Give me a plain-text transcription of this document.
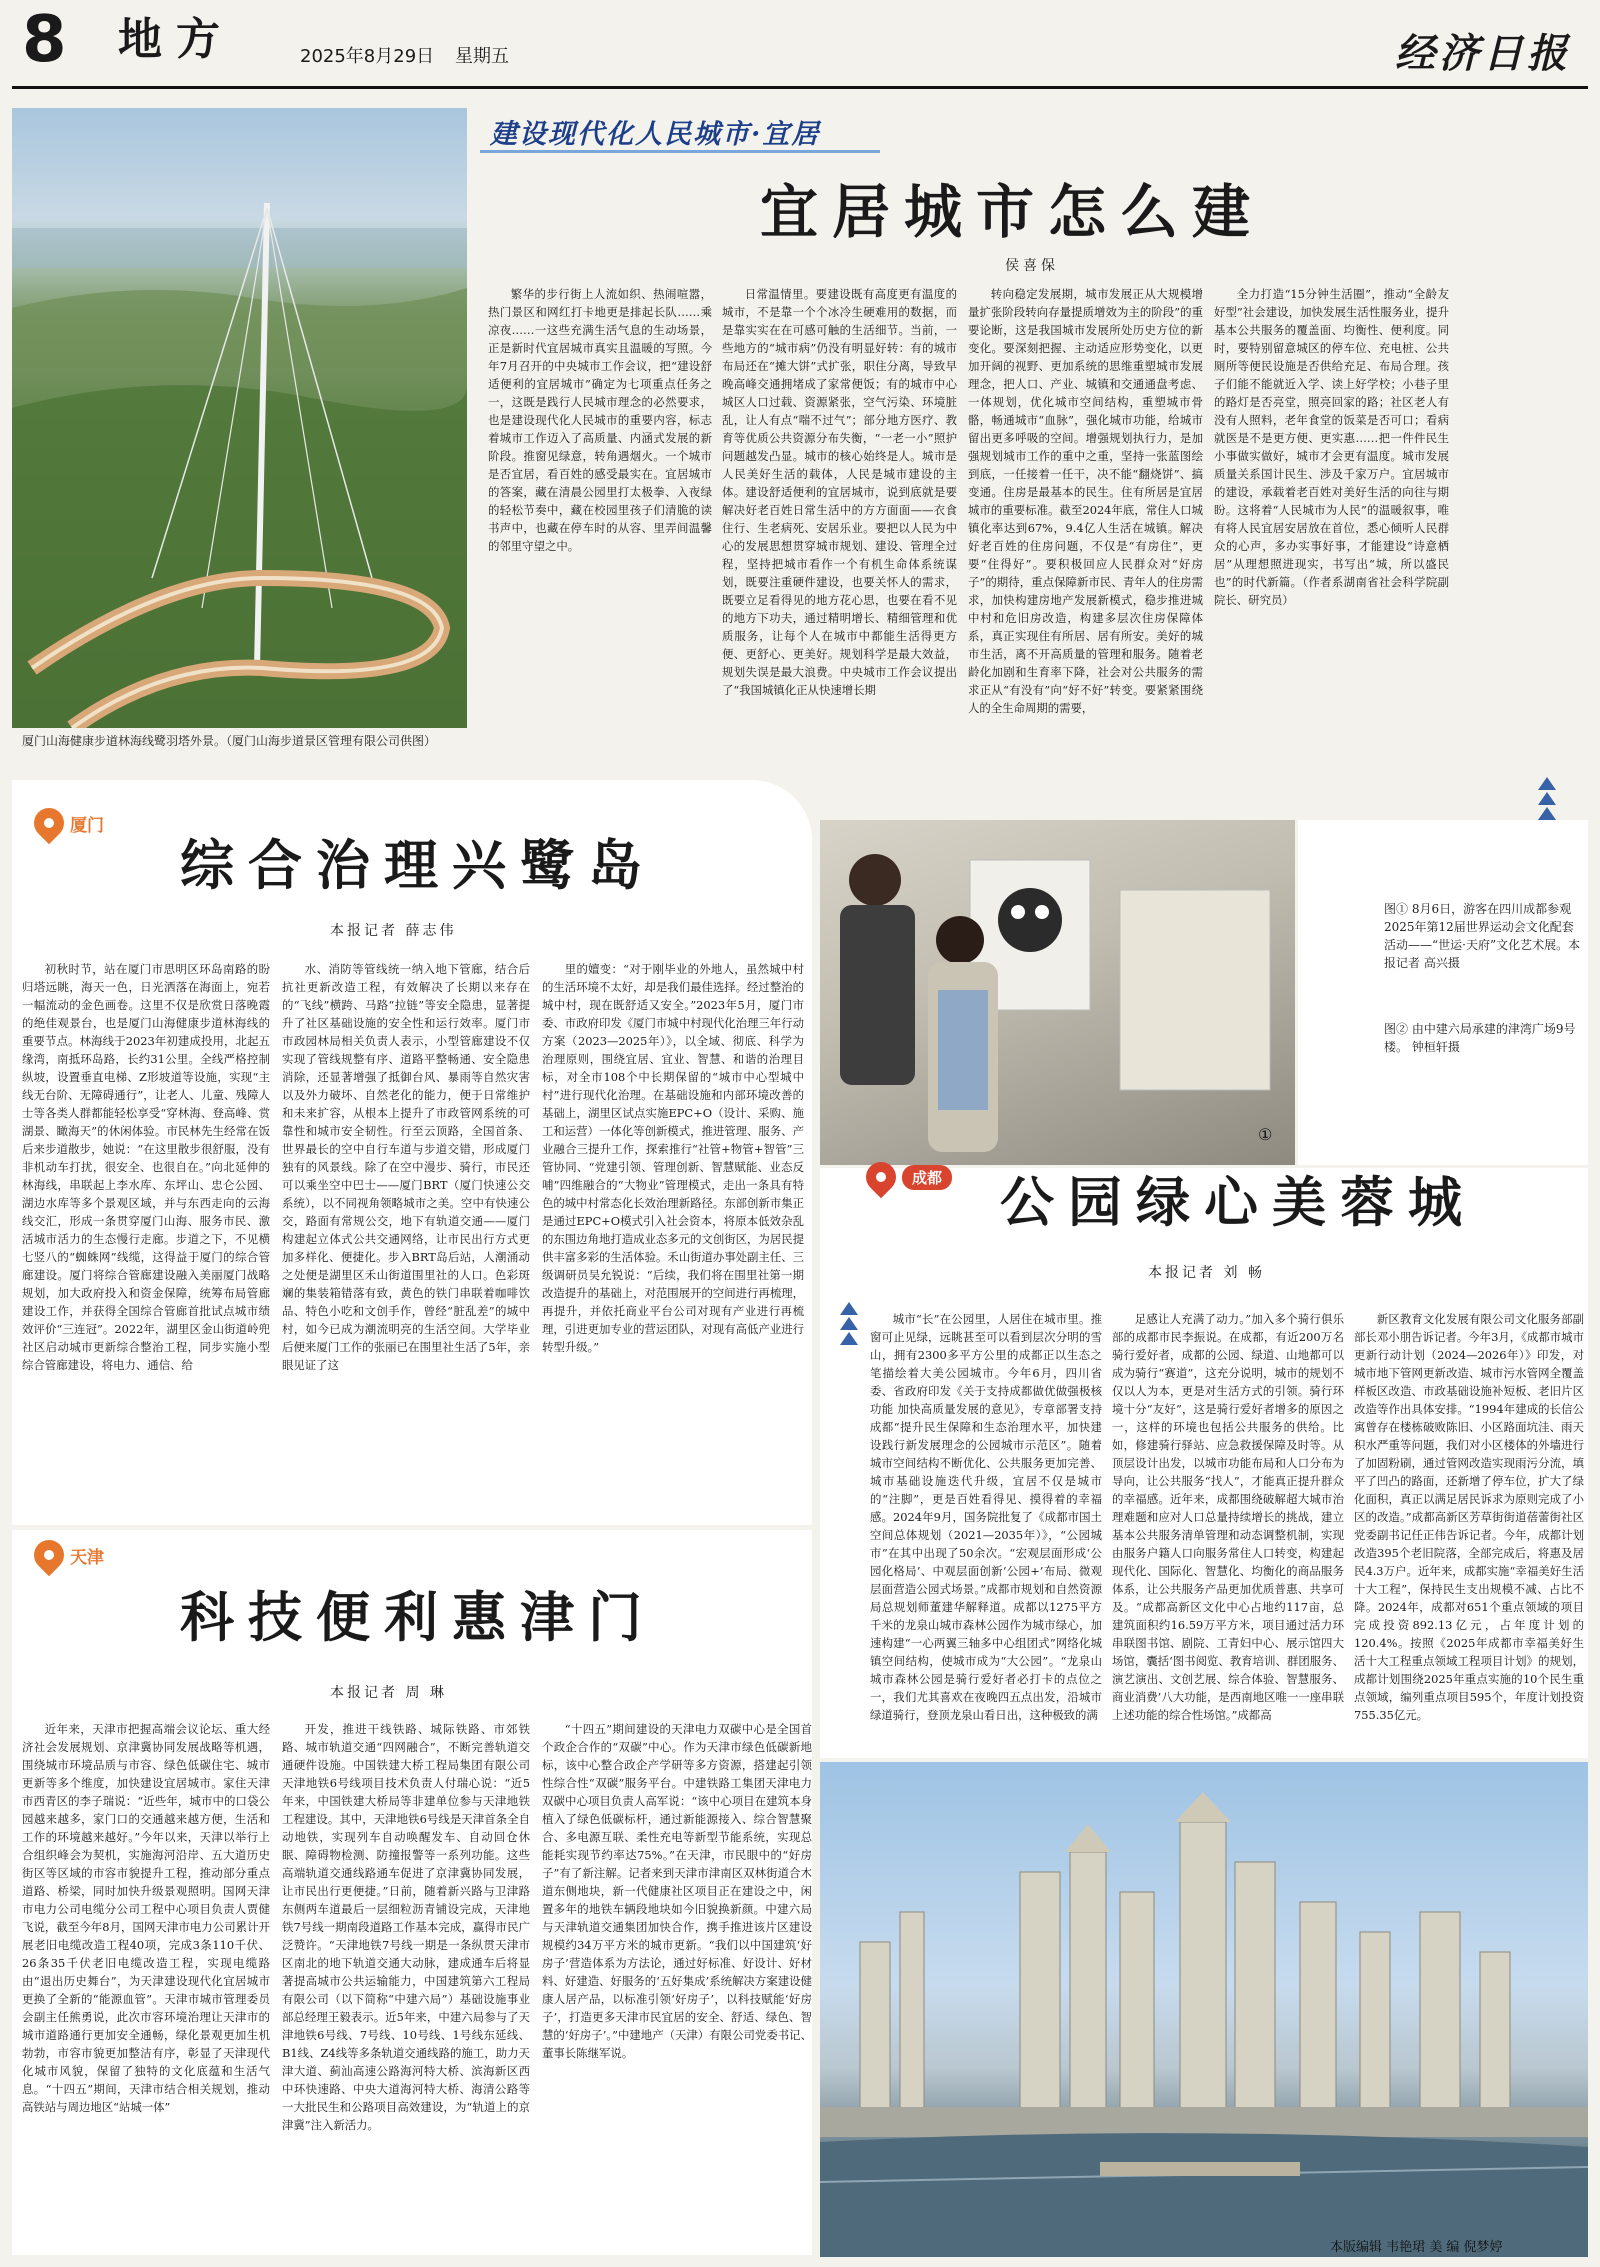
8 地方	2025年8月29日 星期五	经济日报
厦门山海健康步道林海线鹭羽塔外景。（厦门山海步道景区管理有限公司供图）
建设现代化人民城市·宜居
宜居城市怎么建
侯喜保

繁华的步行街上人流如织、热闹喧嚣，热门景区和网红打卡地更是排起长队……乘凉夜……一这些充满生活气息的生动场景，正是新时代宜居城市真实且温暖的写照。今年7月召开的中央城市工作会议，把“建设舒适便利的宜居城市”确定为七项重点任务之一，这既是践行人民城市理念的必然要求，也是建设现代化人民城市的重要内容，标志着城市工作迈入了高质量、内涵式发展的新阶段。推窗见绿意，转角遇烟火。一个城市是否宜居，看百姓的感受最实在。宜居城市的答案，藏在清晨公园里打太极拳、入夜绿的轻松节奏中，藏在校园里孩子们清脆的读书声中，也藏在停车时的从容、里弄间温馨的邻里守望之中。

日常温情里。要建设既有高度更有温度的城市，不是靠一个个冰冷生硬难用的数据，而是靠实实在在可感可触的生活细节。当前，一些地方的“城市病”仍没有明显好转：有的城市布局还在“摊大饼”式扩张，职住分离，导致早晚高峰交通拥堵成了家常便饭；有的城市中心城区人口过载、资源紧张，空气污染、环境脏乱，让人有点“喘不过气”；部分地方医疗、教育等优质公共资源分布失衡，“一老一小”照护问题越发凸显。城市的核心始终是人。城市是人民美好生活的载体，人民是城市建设的主体。建设舒适便利的宜居城市，说到底就是要解决好老百姓日常生活中的方方面面——衣食住行、生老病死、安居乐业。要把以人民为中心的发展思想贯穿城市规划、建设、管理全过程，坚持把城市看作一个有机生命体系统谋划，既要注重硬件建设，也要关怀人的需求，既要立足看得见的地方花心思，也要在看不见的地方下功夫，通过精明增长、精细管理和优质服务，让每个人在城市中都能生活得更方便、更舒心、更美好。规划科学是最大效益，规划失误是最大浪费。中央城市工作会议提出了“我国城镇化正从快速增长期

转向稳定发展期，城市发展正从大规模增量扩张阶段转向存量提质增效为主的阶段”的重要论断，这是我国城市发展所处历史方位的新变化。要深刻把握、主动适应形势变化，以更加开阔的视野、更加系统的思维重塑城市发展理念，把人口、产业、城镇和交通通盘考虑、一体规划，优化城市空间结构，重塑城市骨骼，畅通城市“血脉”，强化城市功能，给城市留出更多呼吸的空间。增强规划执行力，是加强规划城市工作的重中之重，坚持一张蓝图绘到底，一任接着一任干，决不能“翻烧饼”、搞变通。住房是最基本的民生。住有所居是宜居城市的重要标准。截至2024年底，常住人口城镇化率达到67%，9.4亿人生活在城镇。解决好老百姓的住房问题，不仅是“有房住”，更要“住得好”。要积极回应人民群众对“好房子”的期待，重点保障新市民、青年人的住房需求，加快构建房地产发展新模式，稳步推进城中村和危旧房改造，构建多层次住房保障体系，真正实现住有所居、居有所安。美好的城市生活，离不开高质量的管理和服务。随着老龄化加剧和生育率下降，社会对公共服务的需求正从“有没有”向“好不好”转变。要紧紧围绕人的全生命周期的需要，

全力打造“15分钟生活圈”，推动“全龄友好型”社会建设，加快发展生活性服务业，提升基本公共服务的覆盖面、均衡性、便利度。同时，要特别留意城区的停车位、充电桩、公共厕所等便民设施是否供给充足、布局合理。孩子们能不能就近入学、读上好学校；小巷子里的路灯是否亮堂，照亮回家的路；社区老人有没有人照料，老年食堂的饭菜是否可口；看病就医是不是更方便、更实惠……把一件件民生小事做实做好，城市才会更有温度。城市发展质量关系国计民生、涉及千家万户。宜居城市的建设，承载着老百姓对美好生活的向往与期盼。这将着“人民城市为人民”的温暖叙事，唯有将人民宜居安居放在首位，悉心倾听人民群众的心声，多办实事好事，才能建设“诗意栖居”从理想照进现实，书写出“城，所以盛民也”的时代新篇。（作者系湖南省社会科学院副院长、研究员）

①
图① 8月6日，游客在四川成都参观2025年第12届世界运动会文化配套活动——“世运·天府”文化艺术展。本报记者 高兴摄
图② 由中建六局承建的津湾广场9号楼。 钟桓轩摄
厦门
综合治理兴鹭岛
本报记者 薛志伟

初秋时节，站在厦门市思明区环岛南路的盼归塔远眺，海天一色，日光洒落在海面上，宛若一幅流动的金色画卷。这里不仅是欣赏日落晚霞的绝佳观景台，也是厦门山海健康步道林海线的重要节点。林海线于2023年初建成投用，北起五缘湾，南抵环岛路，长约31公里。全线严格控制纵坡，设置垂直电梯、Z形坡道等设施，实现“主线无台阶、无障碍通行”，让老人、儿童、残障人士等各类人群都能轻松享受“穿林海、登高峰、赏湖景、瞰海天”的休闲体验。市民林先生经常在饭后来步道散步，她说：“在这里散步很舒服，没有非机动车打扰，很安全、也很自在。”向北延伸的林海线，串联起上李水库、东坪山、忠仑公园、湖边水库等多个景观区域，并与东西走向的云海线交汇，形成一条贯穿厦门山海、服务市民、激活城市活力的生态慢行走廊。步道之下，不见横七竖八的“蜘蛛网”线缆，这得益于厦门的综合管廊建设。厦门将综合管廊建设融入美丽厦门战略规划，加大政府投入和资金保障，统筹布局管廊建设工作，并获得全国综合管廊首批试点城市绩效评价“三连冠”。2022年，湖里区金山街道岭兜社区启动城市更新综合整治工程，同步实施小型综合管廊建设，将电力、通信、给

水、消防等管线统一纳入地下管廊，结合后抗社更新改造工程，有效解决了长期以来存在的“飞线”横跨、马路“拉链”等安全隐患，显著提升了社区基础设施的安全性和运行效率。厦门市市政园林局相关负责人表示，小型管廊建设不仅实现了管线规整有序、道路平整畅通、安全隐患消除，还显著增强了抵御台风、暴雨等自然灾害以及外力破坏、自然老化的能力，便于日常维护和未来扩容，从根本上提升了市政管网系统的可靠性和城市安全韧性。行至云顶路，全国首条、世界最长的空中自行车道与步道交错，形成厦门独有的风景线。除了在空中漫步、骑行，市民还可以乘坐空中巴士——厦门BRT（厦门快速公交系统），以不同视角领略城市之美。空中有快速公交，路面有常规公交，地下有轨道交通——厦门构建起立体式公共交通网络，让市民出行方式更加多样化、便捷化。步入BRT岛后站，人潮涌动之处便是湖里区禾山街道围里社的人口。色彩斑斓的集装箱错落有致，黄色的铁门串联着咖啡饮品、特色小吃和文创手作，曾经“脏乱差”的城中村，如今已成为潮流明亮的生活空间。大学毕业后便来厦门工作的张丽已在围里社生活了5年，亲眼见证了这

里的嬗变：“对于刚毕业的外地人，虽然城中村的生活环境不太好，却是我们最佳选择。经过整治的城中村，现在既舒适又安全。”2023年5月，厦门市委、市政府印发《厦门市城中村现代化治理三年行动方案（2023—2025年）》，以全域、彻底、科学为治理原则，围绕宜居、宜业、智慧、和谐的治理目标，对全市108个中长期保留的“城市中心型城中村”进行现代化治理。在基础设施和内部环境改善的基础上，湖里区试点实施EPC+O（设计、采购、施工和运营）一体化等创新模式，推进管理、服务、产业融合三提升工作，探索推行“社管+物管+智管”三管协同、“党建引领、管理创新、智慧赋能、业态反哺”四维融合的“大物业”管理模式，走出一条具有特色的城中村常态化长效治理新路径。东部创新市集正是通过EPC+O模式引入社会资本，将原本低效杂乱的东围边角地打造成业态多元的文创街区，为居民提供丰富多彩的生活体验。禾山街道办事处副主任、三级调研员吴允锐说：“后续，我们将在围里社第一期改造提升的基础上，对范围展开的空间进行再梳理，再提升，并依托商业平台公司对现有产业进行再梳理，引进更加专业的营运团队，对现有高低产业进行转型升级。”

成都 公园绿心美蓉城
本报记者 刘 畅

城市“长”在公园里，人居住在城市里。推窗可止见绿，远眺甚至可以看到层次分明的雪山，拥有2300多平方公里的成都正以生态之笔描绘着大美公园城市。今年6月，四川省委、省政府印发《关于支持成都做优做强极核功能 加快高质量发展的意见》，专章部署支持成都“提升民生保障和生态治理水平，加快建设践行新发展理念的公园城市示范区”。随着城市空间结构不断优化、公共服务更加完善、城市基础设施迭代升级，宜居不仅是城市的“注脚”，更是百姓看得见、摸得着的幸福感。2024年9月，国务院批复了《成都市国土空间总体规划（2021—2035年）》，“公园城市”在其中出现了50余次。“宏观层面形成‘公园化格局’、中观层面创新‘公园+’布局、微观层面营造公园式场景。”成都市规划和自然资源局总规划师董建华解释道。成都以1275平方千米的龙泉山城市森林公园作为城市绿心，加速构建“一心两翼三轴多中心组团式”网络化城镇空间结构，使城市成为“大公园”。“龙泉山城市森林公园是骑行爱好者必打卡的点位之一，我们尤其喜欢在夜晚四五点出发，沿城市绿道骑行，登顶龙泉山看日出，这种极致的满

足感让人充满了动力。”加入多个骑行俱乐部的成都市民李振说。在成都，有近200万名骑行爱好者，成都的公园、绿道、山地都可以成为骑行“赛道”，这充分说明，城市的规划不仅以人为本，更是对生活方式的引领。骑行环境十分“友好”，这是骑行爱好者增多的原因之一，这样的环境也包括公共服务的供给。比如，修建骑行驿站、应急救援保障及时等。从顶层设计出发，以城市功能布局和人口分布为导向，让公共服务“找人”，才能真正提升群众的幸福感。近年来，成都围绕破解超大城市治理难题和应对人口总量持续增长的挑战，建立基本公共服务清单管理和动态调整机制，实现由服务户籍人口向服务常住人口转变，构建起现代化、国际化、智慧化、均衡化的商品服务体系，让公共服务产品更加优质普惠、共享可及。“成都高新区文化中心占地约117亩，总建筑面积约16.59万平方米，项目通过活力环串联图书馆、剧院、工青妇中心、展示馆四大场馆，囊括‘图书阅览、教育培训、群团服务、演艺演出、文创艺展、综合体验、智慧服务、商业消费’八大功能，是西南地区唯一一座串联上述功能的综合性场馆。”成都高

新区教育文化发展有限公司文化服务部副部长邓小朋告诉记者。今年3月，《成都市城市更新行动计划（2024—2026年）》印发，对城市地下管网更新改造、城市污水管网全覆盖样板区改造、市政基础设施补短板、老旧片区改造等作出具体安排。“1994年建成的长信公寓曾存在楼栋破败陈旧、小区路面坑洼、雨天积水严重等问题，我们对小区楼体的外墙进行了加固粉刷，通过管网改造实现雨污分流，填平了凹凸的路面，还新增了停车位，扩大了绿化面积，真正以满足居民诉求为原则完成了小区的改造。”成都高新区芳草街街道蓓蕾街社区党委副书记任正伟告诉记者。今年，成都计划改造395个老旧院落，全部完成后，将惠及居民4.3万户。近年来，成都实施“幸福美好生活十大工程”，保持民生支出规模不减、占比不降。2024年，成都对651个重点领域的项目完成投资892.13亿元，占年度计划的120.4%。按照《2025年成都市幸福美好生活十大工程重点领域工程项目计划》的规划，成都计划围绕2025年重点实施的10个民生重点领域，编列重点项目595个，年度计划投资755.35亿元。

天津
科技便利惠津门
本报记者 周 琳

近年来，天津市把握高端会议论坛、重大经济社会发展规划、京津冀协同发展战略等机遇，围绕城市环境品质与市容、绿色低碳住宅、城市更新等多个维度，加快建设宜居城市。家住天津市西青区的李子瑞说：“近些年，城市中的口袋公园越来越多，家门口的交通越来越方便，生活和工作的环境越来越好。”今年以来，天津以举行上合组织峰会为契机，实施海河沿岸、五大道历史街区等区域的市容市貌提升工程，推动部分重点道路、桥梁，同时加快升级景观照明。国网天津市电力公司电缆分公司工程中心项目负责人贾健飞说，截至今年8月，国网天津市电力公司累计开展老旧电缆改造工程40项，完成3条110千伏、26条35千伏老旧电缆改造工程，实现电缆路由“退出历史舞台”，为天津建设现代化宜居城市更换了全新的“能源血管”。天津市城市管理委员会副主任熊勇说，此次市容环境治理让天津市的城市道路通行更加安全通畅，绿化景观更加生机勃勃，市容市貌更加整洁有序，彰显了天津现代化城市风貌，保留了独特的文化底蕴和生活气息。“十四五”期间，天津市结合相关规划，推动高铁站与周边地区“站城一体”

开发，推进干线铁路、城际铁路、市郊铁路、城市轨道交通“四网融合”，不断完善轨道交通硬件设施。中国铁建大桥工程局集团有限公司天津地铁6号线项目技术负责人付瑞心说：“近5年来，中国铁建大桥局等非建单位参与天津地铁工程建设。其中，天津地铁6号线是天津首条全自动地铁，实现列车自动唤醒发车、自动回仓休眠、障碍物检测、防撞报警等一系列功能。这些高端轨道交通线路通车促进了京津冀协同发展，让市民出行更便捷。”日前，随着新兴路与卫津路东侧两车道最后一层细粒沥青铺设完成，天津地铁7号线一期南段道路工作基本完成，赢得市民广泛赞许。“天津地铁7号线一期是一条纵贯天津市区南北的地下轨道交通大动脉，建成通车后将显著提高城市公共运输能力，中国建筑第六工程局有限公司（以下简称“中建六局”）基础设施事业部总经理王毅表示。近5年来，中建六局参与了天津地铁6号线、7号线、10号线、1号线东延线、B1线、Z4线等多条轨道交通线路的施工，助力天津大道、蓟汕高速公路海河特大桥、滨海新区西中环快速路、中央大道海河特大桥、海清公路等一大批民生和公路项目高效建设，为“轨道上的京津冀”注入新活力。

“十四五”期间建设的天津电力双碳中心是全国首个政企合作的“双碳”中心。作为天津市绿色低碳新地标，该中心整合政企产学研等多方资源，搭建起引领性综合性“双碳”服务平台。中建铁路工集团天津电力双碳中心项目负责人高军说：“该中心项目在建筑本身植入了绿色低碳标杆，通过新能源接入、综合智慧聚合、多电源互联、柔性充电等新型节能系统，实现总能耗实现节约率达75%。”在天津，市民眼中的“好房子”有了新注解。记者来到天津市津南区双林街道合木道东侧地块，新一代健康社区项目正在建设之中，闲置多年的地铁车辆段地块如今旧貌换新颜。中建六局与天津轨道交通集团加快合作，携手推进该片区建设规模约34万平方米的城市更新。“我们以中国建筑‘好房子’营造体系为方法论，通过好标准、好设计、好材料、好建造、好服务的‘五好集成’系统解决方案建设健康人居产品，以标准引领‘好房子’，以科技赋能‘好房子’，打造更多天津市民宜居的安全、舒适、绿色、智慧的‘好房子’。”中建地产（天津）有限公司党委书记、董事长陈继军说。

本版编辑 韦艳珺 美 编 倪梦婷
